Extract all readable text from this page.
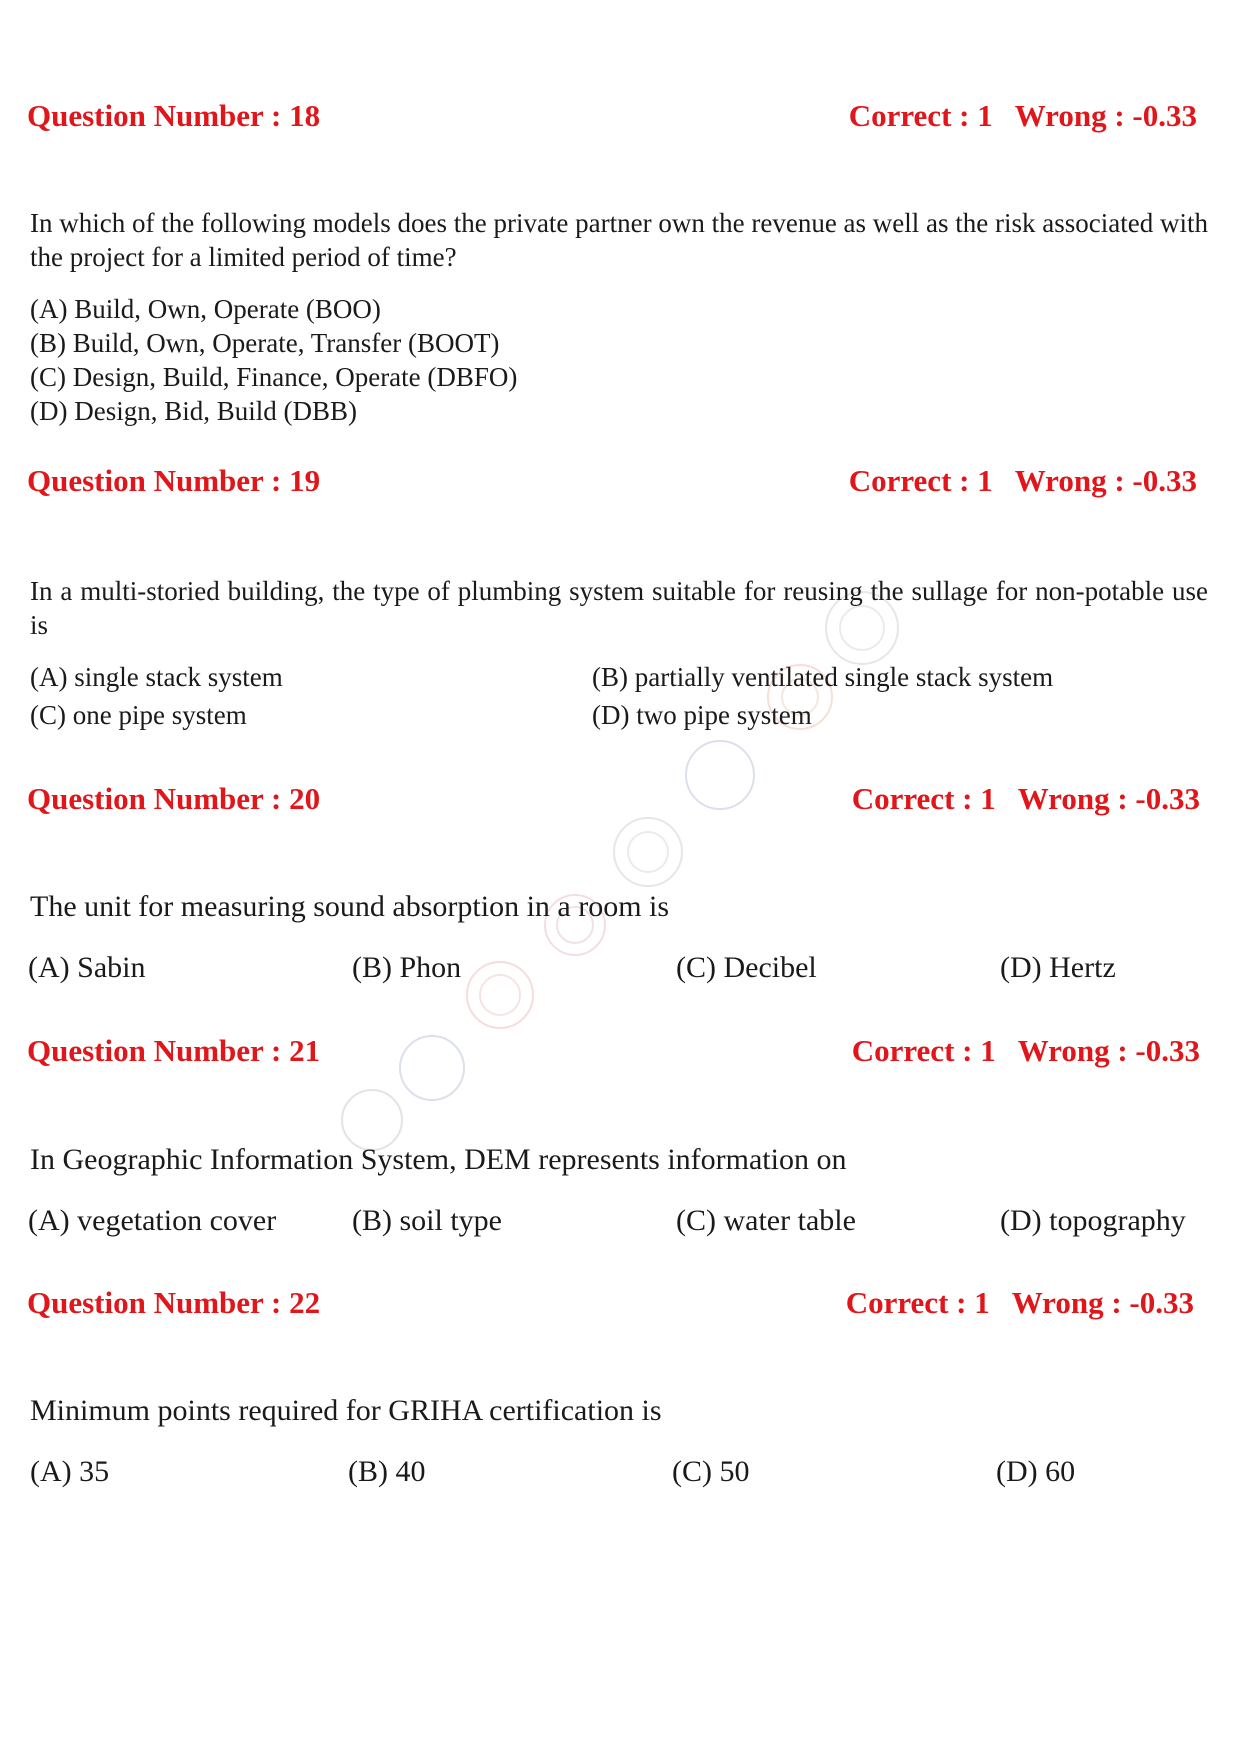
Question Number : 18	Correct : 1 Wrong : -0.33
In which of the following models does the private partner own the revenue as well as the risk associated with the project for a limited period of time?
(A) Build, Own, Operate (BOO)
(B) Build, Own, Operate, Transfer (BOOT)
(C) Design, Build, Finance, Operate (DBFO)
(D) Design, Bid, Build (DBB)
Question Number : 19	Correct : 1 Wrong : -0.33
In a multi-storied building, the type of plumbing system suitable for reusing the sullage for non-potable use is
(A) single stack system	(B) partially ventilated single stack system
(C) one pipe system	(D) two pipe system
Question Number : 20	Correct : 1 Wrong : -0.33
The unit for measuring sound absorption in a room is
(A) Sabin	(B) Phon	(C) Decibel	(D) Hertz
Question Number : 21	Correct : 1 Wrong : -0.33
In Geographic Information System, DEM represents information on
(A) vegetation cover	(B) soil type	(C) water table	(D) topography
Question Number : 22	Correct : 1 Wrong : -0.33
Minimum points required for GRIHA certification is
(A) 35	(B) 40	(C) 50	(D) 60
